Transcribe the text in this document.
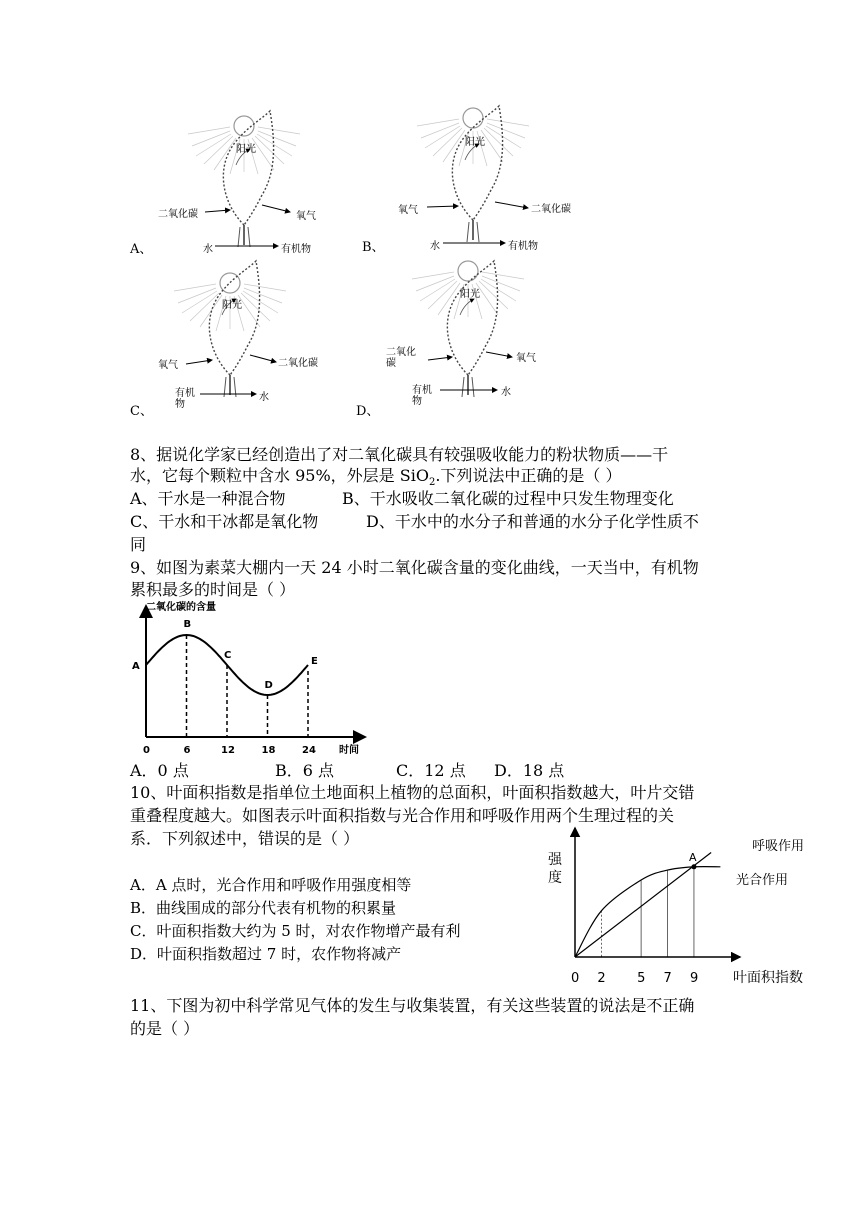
阳光
二氧化碳	氧气
水	有机物
A、
阳光
氧气	二氧化碳
水	有机物
B、
阳光
氧气	二氧化碳
有机物
水
C、
阳光
二氧化碳	氧气
有机物
水
D、
8、据说化学家已经创造出了对二氧化碳具有较强吸收能力的粉状物质——干
水，它每个颗粒中含水 95%，外层是 SiO$_2$.下列说法中正确的是（ ）
A、干水是一种混合物	B、干水吸收二氧化碳的过程中只发生物理变化
C、干水和干冰都是氧化物	D、干水中的水分子和普通的水分子化学性质不
同
9、如图为素菜大棚内一天 24 小时二氧化碳含量的变化曲线，一天当中，有机物
累积最多的时间是（ ）
二氧化碳的含量
时间
A
B
C
D
E
0	6	12	18	24
A．0 点	B．6 点	C．12 点 D．18 点
10、叶面积指数是指单位土地面积上植物的总面积，叶面积指数越大，叶片交错
重叠程度越大。如图表示叶面积指数与光合作用和呼吸作用两个生理过程的关
系．下列叙述中，错误的是（ ）
A．A 点时，光合作用和呼吸作用强度相等
B．曲线围成的部分代表有机物的积累量
C．叶面积指数大约为 5 时，对农作物增产最有利
D．叶面积指数超过 7 时，农作物将减产
强
度
叶面积指数
呼吸作用
光合作用
A
0 2 5 7 9
11、下图为初中科学常见气体的发生与收集装置，有关这些装置的说法是不正确
的是（ ）
